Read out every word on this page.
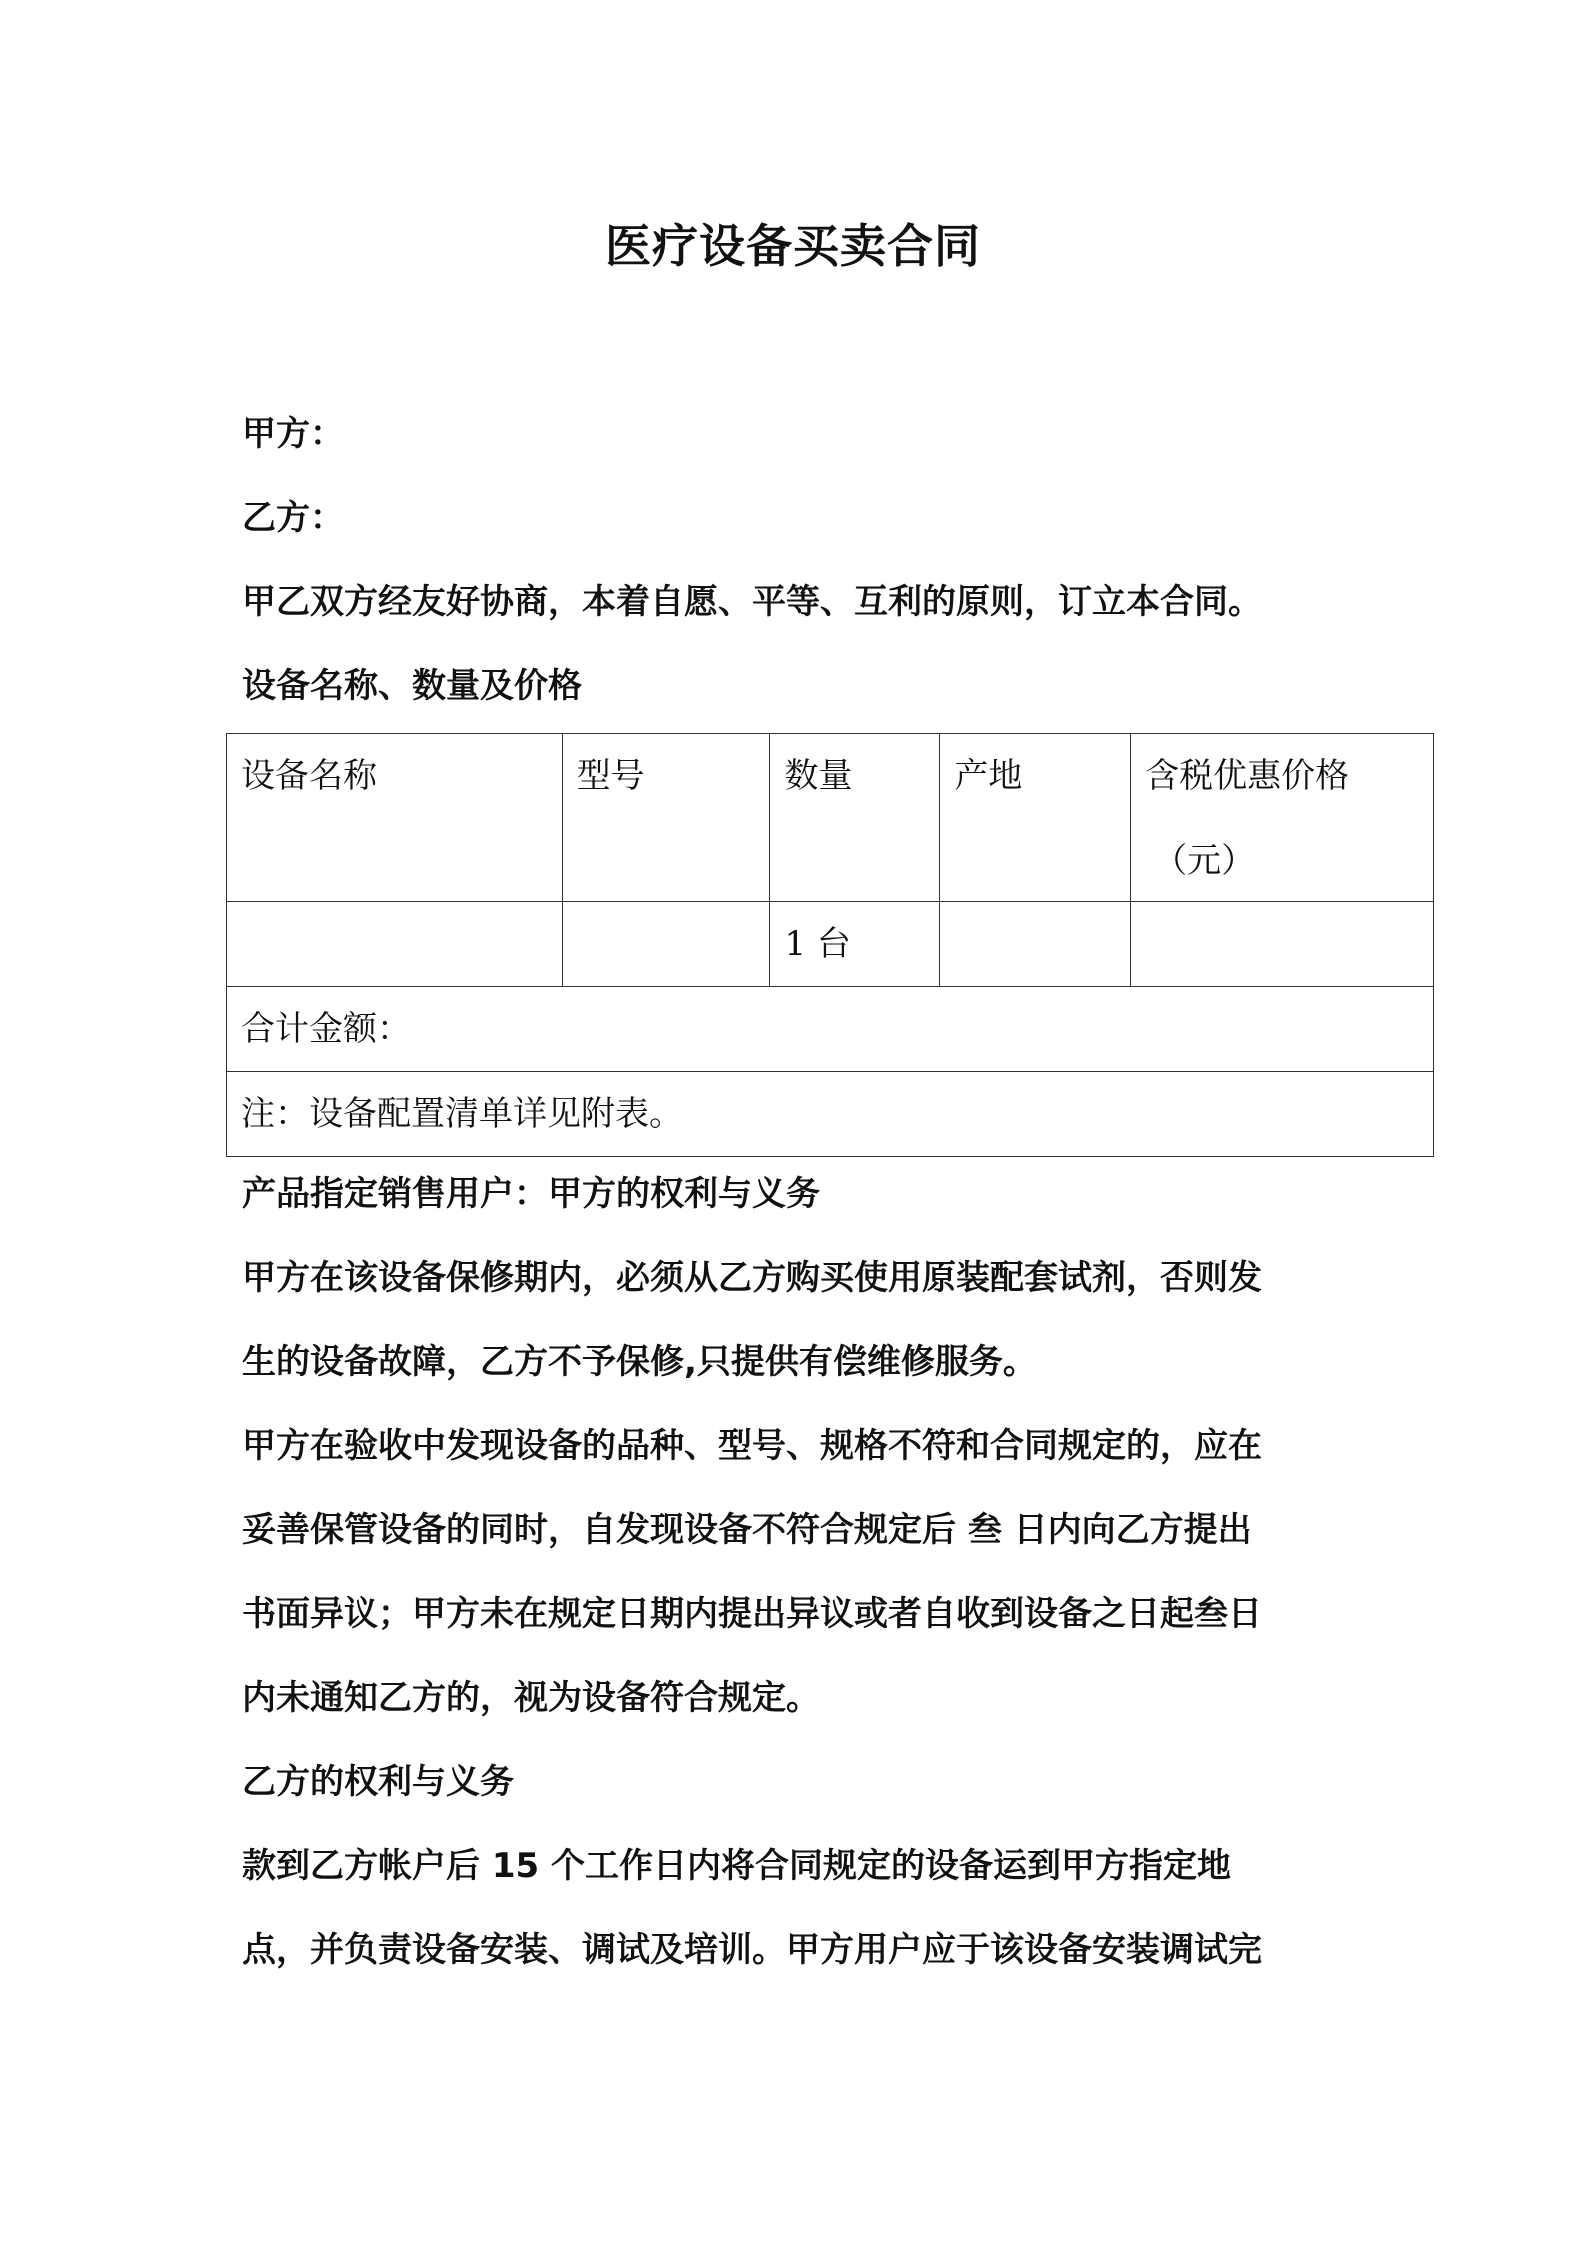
医疗设备买卖合同
甲方：
乙方：
甲乙双方经友好协商，本着自愿、平等、互利的原则，订立本合同。
设备名称、数量及价格
设备名称	型号	数量	产地	含税优惠价格
（元）

		1 台		
合计金额：				
注：设备配置清单详见附表。				
产品指定销售用户：甲方的权利与义务
甲方在该设备保修期内，必须从乙方购买使用原装配套试剂，否则发
生的设备故障，乙方不予保修,只提供有偿维修服务。
甲方在验收中发现设备的品种、型号、规格不符和合同规定的，应在
妥善保管设备的同时，自发现设备不符合规定后 叁 日内向乙方提出
书面异议；甲方未在规定日期内提出异议或者自收到设备之日起叁日
内未通知乙方的，视为设备符合规定。
乙方的权利与义务
款到乙方帐户后 15 个工作日内将合同规定的设备运到甲方指定地
点，并负责设备安装、调试及培训。甲方用户应于该设备安装调试完
